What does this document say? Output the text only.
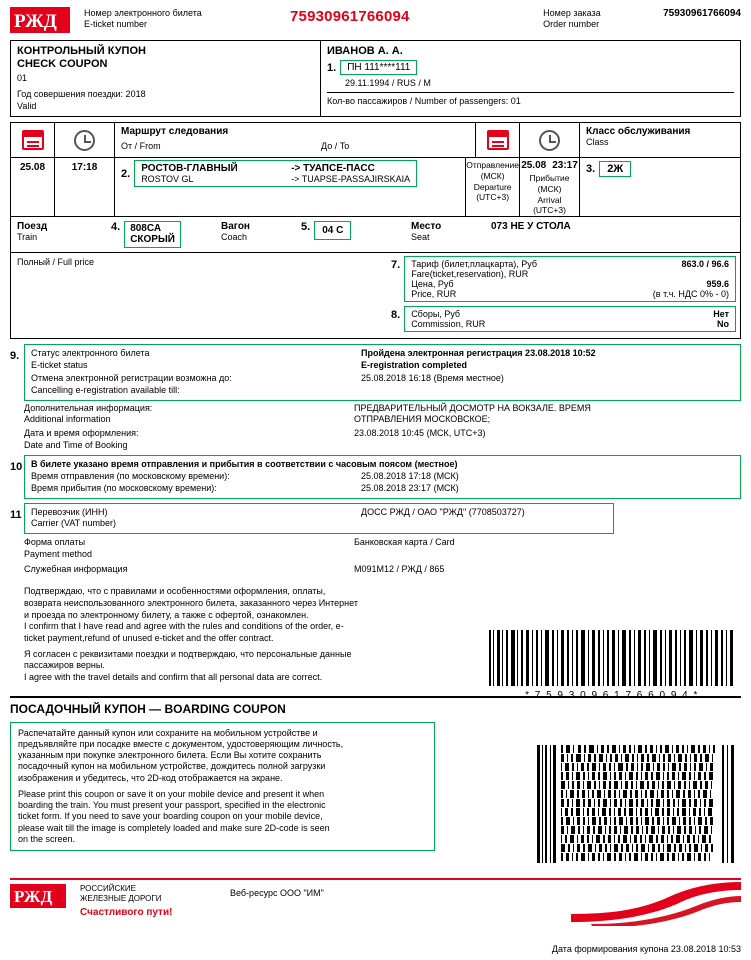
РЖД	Номер электронного билета
E-ticket number	75930961766094	Номер заказа
Order number
75930961766094
КОНТРОЛЬНЫЙ КУПОН
CHECK COUPON
01
Год совершения поездки: 2018
Valid
ИВАНОВ А. А.
1.	ПН 111****111
29.11.1994 / RUS / M
Кол-во пассажиров / Number of passengers: 01
Маршрут следования
От / From	До / To
Класс обслуживания
Class
25.08	17:18
2. РОСТОВ-ГЛАВНЫЙ	-> ТУАПСЕ-ПАСС
ROSTOV GL	-> TUAPSE-PASSAJIRSKAIA
Отправление
(МСК)
Departure
(UTC+3)
25.08 23:17
Прибытие
(МСК)
Arrival
(UTC+3)
3.	2Ж
Поезд
Train
4. 808СА
СКОРЫЙ
Вагон
Coach
5.	04 С	Место
Seat
073 НЕ У СТОЛА
Полный / Full price	7. Тариф (билет,плацкарта), Руб	863.0 / 96.6
Fare(ticket,reservation), RUR
Цена, Руб	959.6
Price, RUR	(в т.ч. НДС 0% - 0)
8. Сборы, Руб	Нет
Commission, RUR	No
9.	Статус электронного билета	Пройдена электронная регистрация 23.08.2018 10:52
E-ticket status	E-registration completed
Отмена электронной регистрации возможна до:	25.08.2018 16:18 (Время местное)
Cancelling e-registration available till:
Дополнительная информация:	ПРЕДВАРИТЕЛЬНЫЙ ДОСМОТР НА ВОКЗАЛЕ. ВРЕМЯ
Additional information	ОТПРАВЛЕНИЯ МОСКОВСКОЕ;
Дата и время оформления:	23.08.2018 10:45 (МСК, UTC+3)
Date and Time of Booking
10 В билете указано время отправления и прибытия в соответствии с часовым поясом (местное)
Время отправления (по московскому времени):	25.08.2018 17:18 (МСК)
Время прибытия (по московскому времени):	25.08.2018 23:17 (МСК)
11 Перевозчик (ИНН)	ДОСС РЖД / ОАО "РЖД" (7708503727)
Carrier (VAT number)
Форма оплаты	Банковская карта / Card
Payment method
Служебная информация	M091M12 / РЖД / 865
Подтверждаю, что с правилами и особенностями оформления, оплаты,
возврата неиспользованного электронного билета, заказанного через Интернет
и проезда по электронному билету, а также с офертой, ознакомлен.
I confirm that I have read and agree with the rules and conditions of the order, e-
ticket payment,refund of unused e-ticket and the offer contract.
Я согласен с реквизитами поездки и подтверждаю, что персональные данные
пассажиров верны.
I agree with the travel details and confirm that all personal data are correct.
* 7 5 9 3 0 9 6 1 7 6 6 0 9 4 *
ПОСАДОЧНЫЙ КУПОН — BOARDING COUPON
Распечатайте данный купон или сохраните на мобильном устройстве и
предъявляйте при посадке вместе с документом, удостоверяющим личность,
указанным при покупке электронного билета. Если Вы хотите сохранить
посадочный купон на мобильном устройстве, дождитесь полной загрузки
изображения и убедитесь, что 2D-код отображается на экране.
Please print this coupon or save it on your mobile device and present it when
boarding the train. You must present your passport, specified in the electronic
ticket form. If you need to save your boarding coupon on your mobile device,
please wait till the image is completely loaded and make sure 2D-code is seen
on the screen.
РЖД	РОССИЙСКИЕ
ЖЕЛЕЗНЫЕ ДОРОГИ
Счастливого пути!
Веб-ресурс ООО "ИМ"
Дата формирования купона 23.08.2018 10:53
